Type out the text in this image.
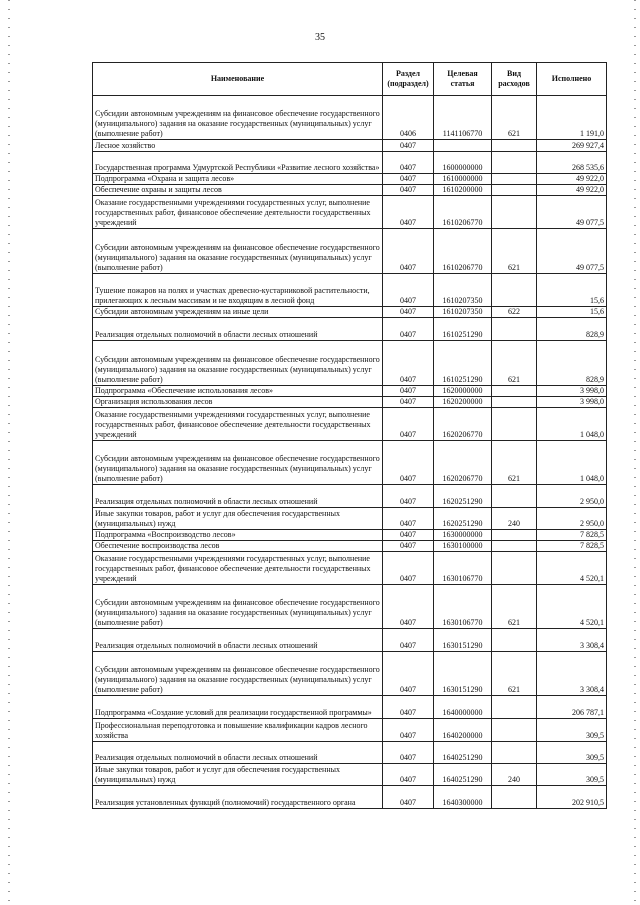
35
Наименование	Раздел (подраздел)	Целевая статья	Вид расходов	Исполнено
Субсидии автономным учреждениям на финансовое обеспечение государственного (муниципального) задания на оказание государственных (муниципальных) услуг (выполнение работ)	0406	1141106770	621	1 191,0
Лесное хозяйство	0407			269 927,4
Государственная программа Удмуртской Республики «Развитие лесного хозяйства»	0407	1600000000		268 535,6
Подпрограмма «Охрана и защита лесов»	0407	1610000000		49 922,0
Обеспечение охраны и защиты лесов	0407	1610200000		49 922,0
Оказание государственными учреждениями государственных услуг, выполнение государственных работ, финансовое обеспечение деятельности государственных учреждений	0407	1610206770		49 077,5
Субсидии автономным учреждениям на финансовое обеспечение государственного (муниципального) задания на оказание государственных (муниципальных) услуг (выполнение работ)	0407	1610206770	621	49 077,5
Тушение пожаров на полях и участках древесно-кустарниковой растительности, прилегающих к лесным массивам и не входящим в лесной фонд	0407	1610207350		15,6
Субсидии автономным учреждениям на иные цели	0407	1610207350	622	15,6
Реализация отдельных полномочий в области лесных отношений	0407	1610251290		828,9
Субсидии автономным учреждениям на финансовое обеспечение государственного (муниципального) задания на оказание государственных (муниципальных) услуг (выполнение работ)	0407	1610251290	621	828,9
Подпрограмма «Обеспечение использования лесов»	0407	1620000000		3 998,0
Организация использования лесов	0407	1620200000		3 998,0
Оказание государственными учреждениями государственных услуг, выполнение государственных работ, финансовое обеспечение деятельности государственных учреждений	0407	1620206770		1 048,0
Субсидии автономным учреждениям на финансовое обеспечение государственного (муниципального) задания на оказание государственных (муниципальных) услуг (выполнение работ)	0407	1620206770	621	1 048,0
Реализация отдельных полномочий в области лесных отношений	0407	1620251290		2 950,0
Иные закупки товаров, работ и услуг для обеспечения государственных (муниципальных) нужд	0407	1620251290	240	2 950,0
Подпрограмма «Воспроизводство лесов»	0407	1630000000		7 828,5
Обеспечение воспроизводства лесов	0407	1630100000		7 828,5
Оказание государственными учреждениями государственных услуг, выполнение государственных работ, финансовое обеспечение деятельности государственных учреждений	0407	1630106770		4 520,1
Субсидии автономным учреждениям на финансовое обеспечение государственного (муниципального) задания на оказание государственных (муниципальных) услуг (выполнение работ)	0407	1630106770	621	4 520,1
Реализация отдельных полномочий в области лесных отношений	0407	1630151290		3 308,4
Субсидии автономным учреждениям на финансовое обеспечение государственного (муниципального) задания на оказание государственных (муниципальных) услуг (выполнение работ)	0407	1630151290	621	3 308,4
Подпрограмма «Создание условий для реализации государственной программы»	0407	1640000000		206 787,1
Профессиональная переподготовка и повышение квалификации кадров лесного хозяйства	0407	1640200000		309,5
Реализация отдельных полномочий в области лесных отношений	0407	1640251290		309,5
Иные закупки товаров, работ и услуг для обеспечения государственных (муниципальных) нужд	0407	1640251290	240	309,5
Реализация установленных функций (полномочий) государственного органа	0407	1640300000		202 910,5
